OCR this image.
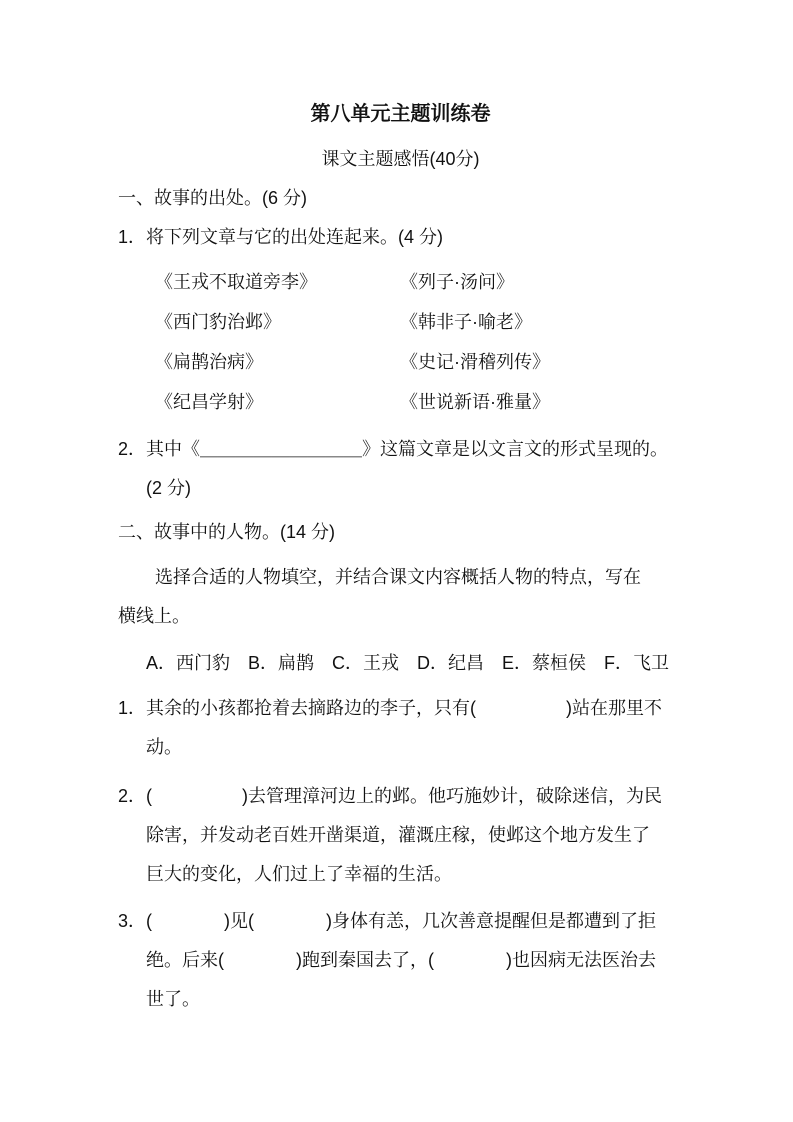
第八单元主题训练卷
课文主题感悟(40分)
一、故事的出处。(6 分)
1．将下列文章与它的出处连起来。(4 分)
《王戎不取道旁李》	《列子·汤问》
《西门豹治邺》	《韩非子·喻老》
《扁鹊治病》	《史记·滑稽列传》
《纪昌学射》	《世说新语·雅量》
2．其中《＿＿＿＿＿＿＿＿＿》这篇文章是以文言文的形式呈现的。
(2 分)
二、故事中的人物。(14 分)
选择合适的人物填空，并结合课文内容概括人物的特点，写在
横线上。
A．西门豹　B．扁鹊　C．王戎　D．纪昌　E．蔡桓侯　F．飞卫
1．其余的小孩都抢着去摘路边的李子，只有(　　　　　)站在那里不
动。
2．(　　　　　)去管理漳河边上的邺。他巧施妙计，破除迷信，为民
除害，并发动老百姓开凿渠道，灌溉庄稼，使邺这个地方发生了
巨大的变化，人们过上了幸福的生活。
3．(　　　　)见(　　　　)身体有恙，几次善意提醒但是都遭到了拒
绝。后来(　　　　)跑到秦国去了，(　　　　)也因病无法医治去
世了。
